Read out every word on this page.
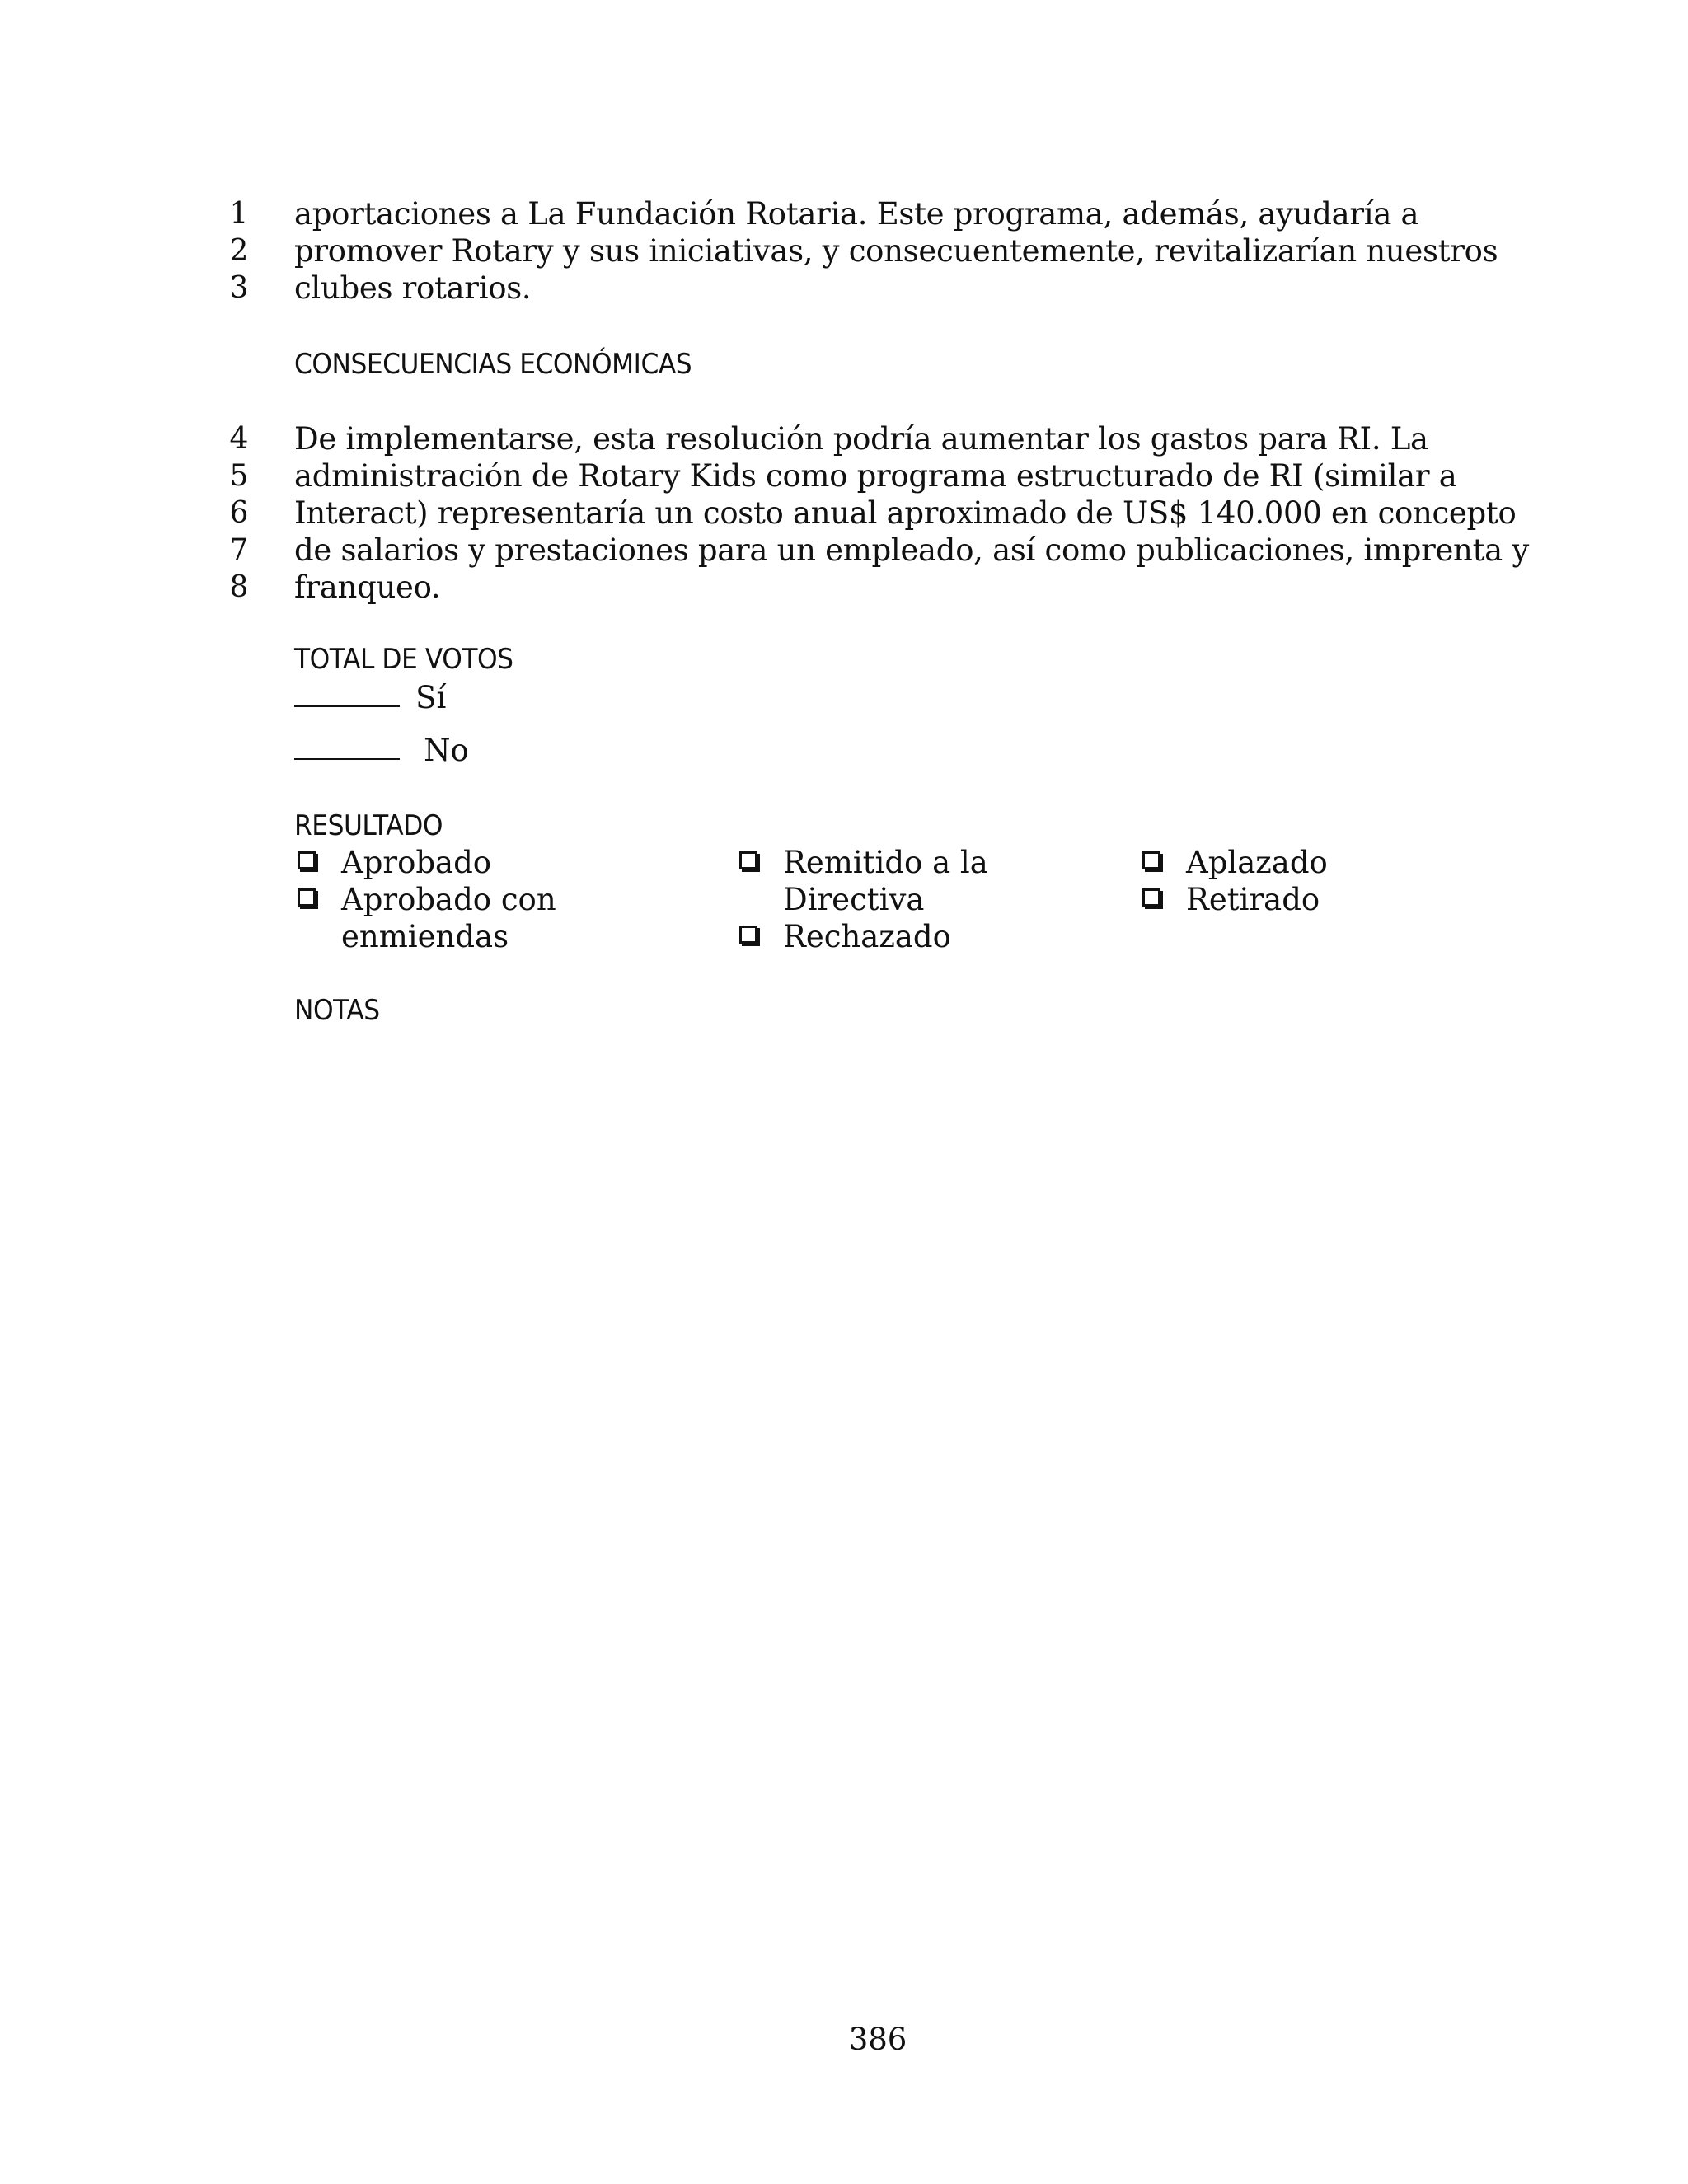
1 aportaciones a La Fundación Rotaria. Este programa, además, ayudaría a
2 promover Rotary y sus iniciativas, y consecuentemente, revitalizarían nuestros
3 clubes rotarios.
CONSECUENCIAS ECONÓMICAS
4 De implementarse, esta resolución podría aumentar los gastos para RI. La
5 administración de Rotary Kids como programa estructurado de RI (similar a
6 Interact) representaría un costo anual aproximado de US$ 140.000 en concepto
7 de salarios y prestaciones para un empleado, así como publicaciones, imprenta y
8 franqueo.
TOTAL DE VOTOS
Sí
No
RESULTADO
Aprobado
Aprobado con
enmiendas
Remitido a la
Directiva
Rechazado
Aplazado
Retirado
NOTAS
386
